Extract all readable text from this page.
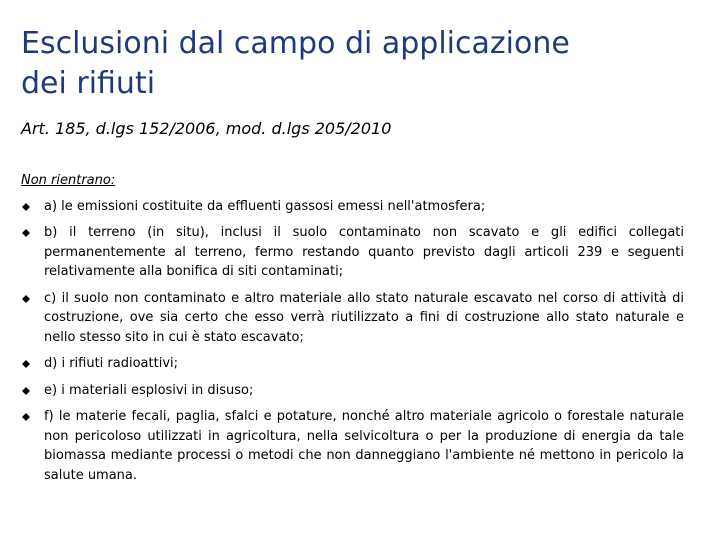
Esclusioni dal campo di applicazione
dei rifiuti

Art. 185, d.lgs 152/2006, mod. d.lgs 205/2010

Non rientrano:

a) le emissioni costituite da effluenti gassosi emessi nell'atmosfera;
b) il terreno (in situ), inclusi il suolo contaminato non scavato e gli edifici collegati permanentemente al terreno, fermo restando quanto previsto dagli articoli 239 e seguenti relativamente alla bonifica di siti contaminati;
c) il suolo non contaminato e altro materiale allo stato naturale escavato nel corso di attività di costruzione, ove sia certo che esso verrà riutilizzato a fini di costruzione allo stato naturale e nello stesso sito in cui è stato escavato;
d) i rifiuti radioattivi;
e) i materiali esplosivi in disuso;
f) le materie fecali, paglia, sfalci e potature, nonché altro materiale agricolo o forestale naturale non pericoloso utilizzati in agricoltura, nella selvicoltura o per la produzione di energia da tale biomassa mediante processi o metodi che non danneggiano l'ambiente né mettono in pericolo la salute umana.
